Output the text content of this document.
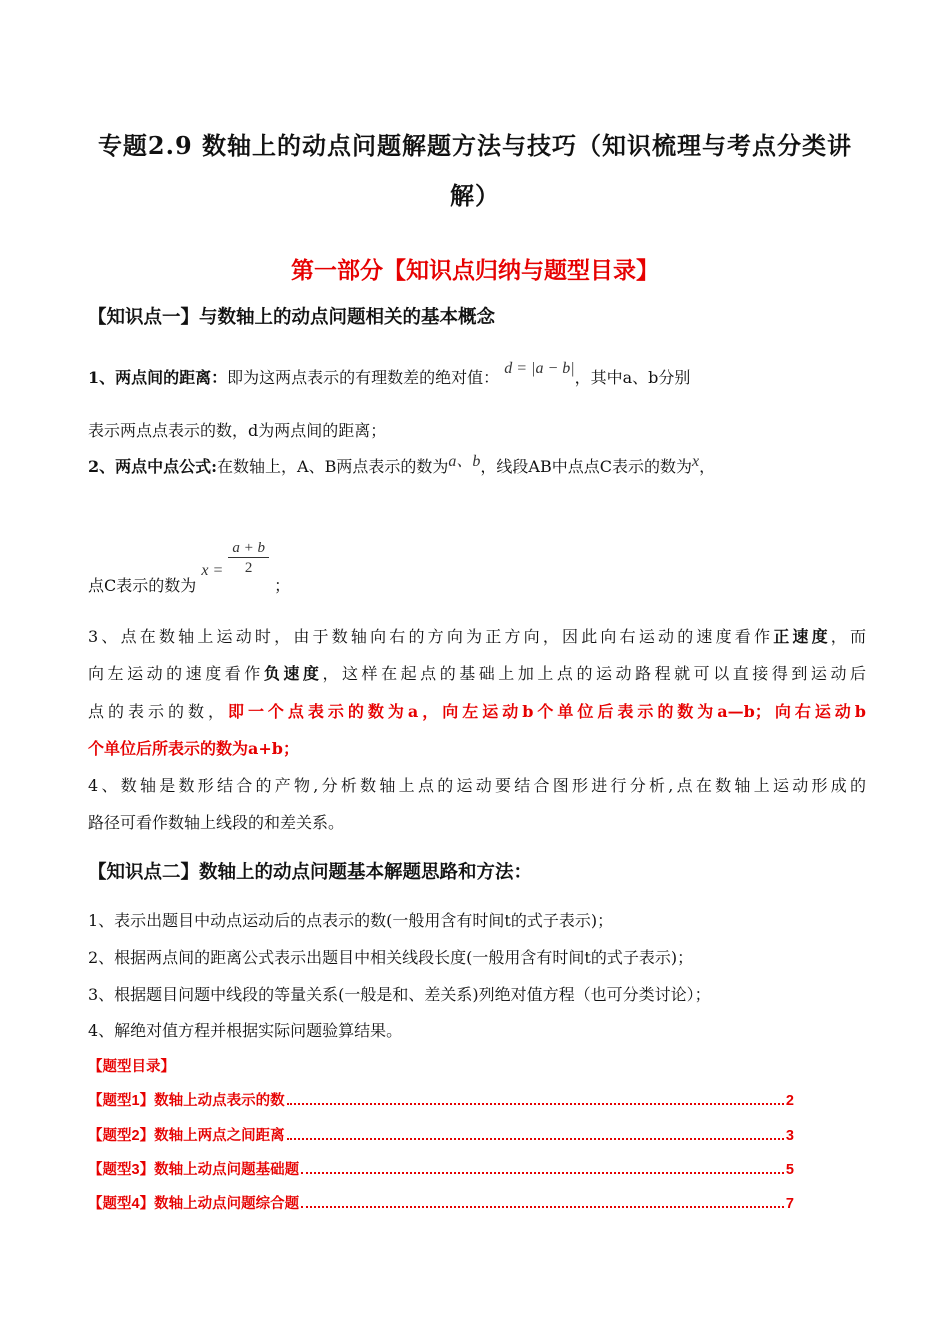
专题2.9 数轴上的动点问题解题方法与技巧（知识梳理与考点分类讲
解）
第一部分【知识点归纳与题型目录】
【知识点一】与数轴上的动点问题相关的基本概念
1、两点间的距离：即为这两点表示的有理数差的绝对值： d = |a − b|，其中a、b分别
表示两点点表示的数，d为两点间的距离；
2、两点中点公式:在数轴上，A、B两点表示的数为a、b，线段AB中点点C表示的数为x，
点C表示的数为 $x = \frac{a + b}{2}$
；
3、点在数轴上运动时，由于数轴向右的方向为正方向，因此向右运动的速度看作正速度，而
向左运动的速度看作负速度，这样在起点的基础上加上点的运动路程就可以直接得到运动后
点的表示的数，即一个点表示的数为a，向左运动b个单位后表示的数为a—b；向右运动b
个单位后所表示的数为a+b；
4、数轴是数形结合的产物,分析数轴上点的运动要结合图形进行分析,点在数轴上运动形成的
路径可看作数轴上线段的和差关系。
【知识点二】数轴上的动点问题基本解题思路和方法：
1、表示出题目中动点运动后的点表示的数(一般用含有时间t的式子表示)；
2、根据两点间的距离公式表示出题目中相关线段长度(一般用含有时间t的式子表示)；
3、根据题目问题中线段的等量关系(一般是和、差关系)列绝对值方程（也可分类讨论）；
4、解绝对值方程并根据实际问题验算结果。
【题型目录】
【题型1】数轴上动点表示的数	2
【题型2】数轴上两点之间距离	3
【题型3】数轴上动点问题基础题	5
【题型4】数轴上动点问题综合题	7
